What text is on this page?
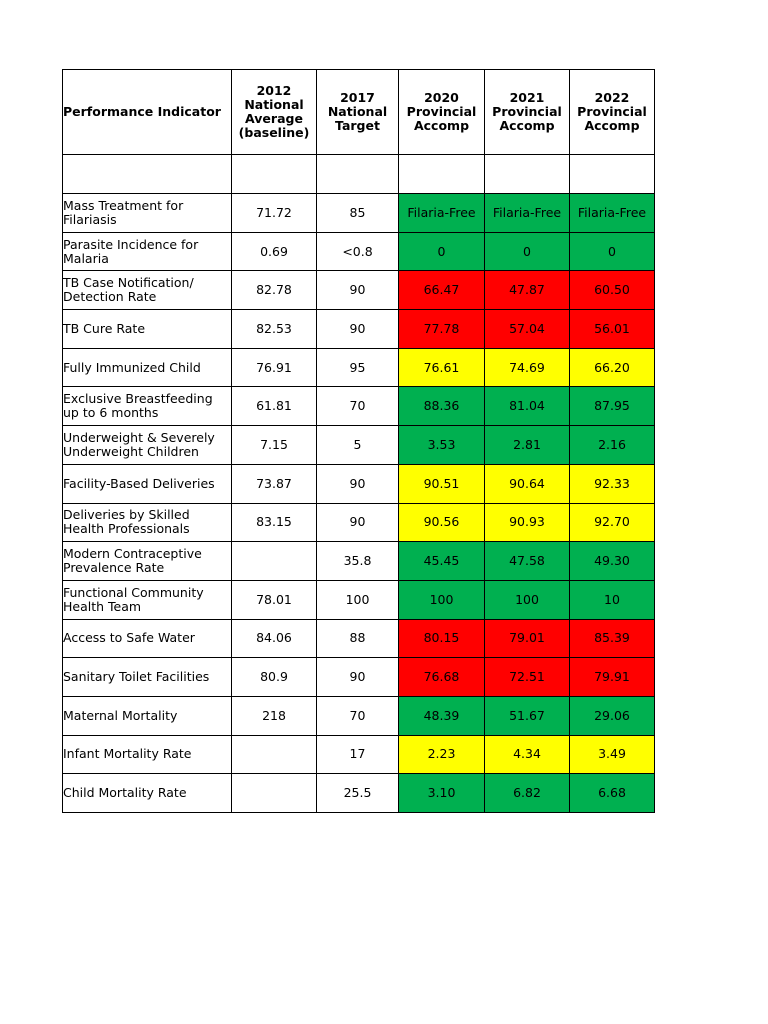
Performance Indicator	2012 National Average (baseline)	2017 National Target	2020 Provincial Accomp	2021 Provincial Accomp	2022 Provincial Accomp

Mass Treatment for Filariasis	71.72	85	Filaria-Free	Filaria-Free	Filaria-Free
Parasite Incidence for Malaria	0.69	<0.8	0	0	0
TB Case Notification/ Detection Rate	82.78	90	66.47	47.87	60.50
TB Cure Rate	82.53	90	77.78	57.04	56.01
Fully Immunized Child	76.91	95	76.61	74.69	66.20
Exclusive Breastfeeding up to 6 months	61.81	70	88.36	81.04	87.95
Underweight & Severely Underweight Children	7.15	5	3.53	2.81	2.16
Facility-Based Deliveries	73.87	90	90.51	90.64	92.33
Deliveries by Skilled Health Professionals	83.15	90	90.56	90.93	92.70
Modern Contraceptive Prevalence Rate		35.8	45.45	47.58	49.30
Functional Community Health Team	78.01	100	100	100	10
Access to Safe Water	84.06	88	80.15	79.01	85.39
Sanitary Toilet Facilities	80.9	90	76.68	72.51	79.91
Maternal Mortality	218	70	48.39	51.67	29.06
Infant Mortality Rate		17	2.23	4.34	3.49
Child Mortality Rate		25.5	3.10	6.82	6.68
